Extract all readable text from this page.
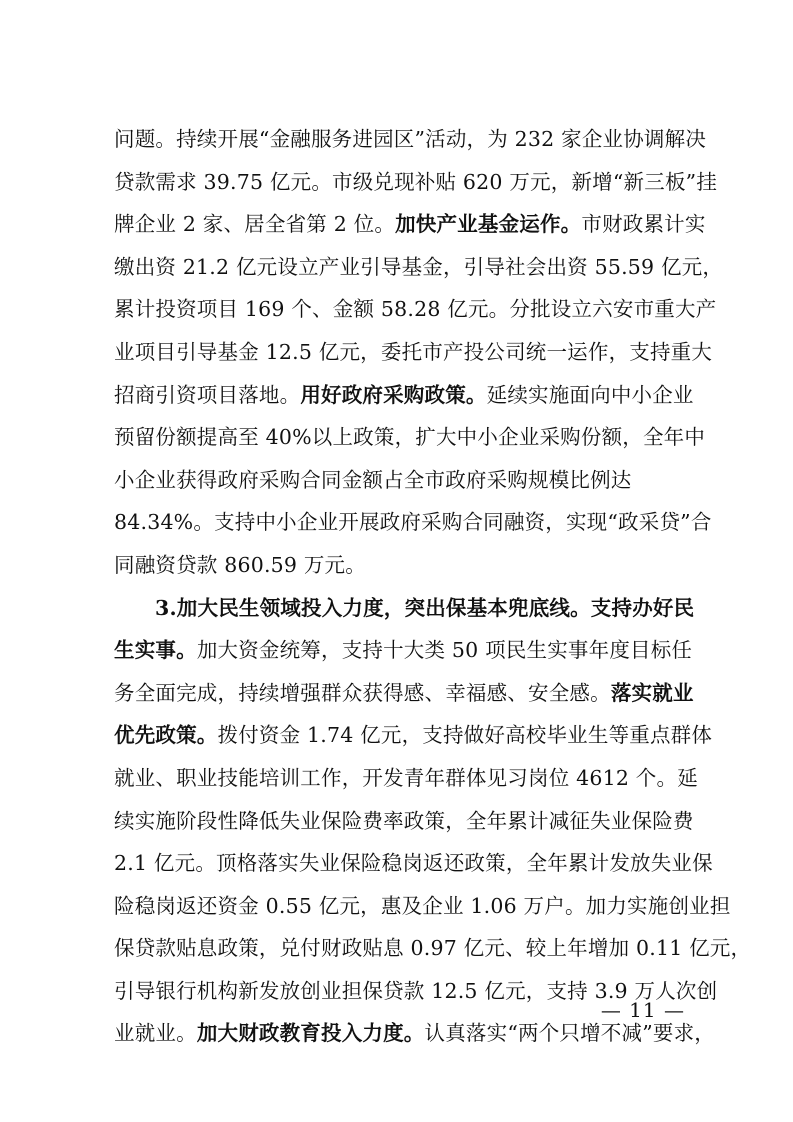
问题。持续开展“金融服务进园区”活动，为 232 家企业协调解决
贷款需求 39.75 亿元。市级兑现补贴 620 万元，新增“新三板”挂
牌企业 2 家、居全省第 2 位。加快产业基金运作。市财政累计实
缴出资 21.2 亿元设立产业引导基金，引导社会出资 55.59 亿元，
累计投资项目 169 个、金额 58.28 亿元。分批设立六安市重大产
业项目引导基金 12.5 亿元，委托市产投公司统一运作，支持重大
招商引资项目落地。用好政府采购政策。延续实施面向中小企业
预留份额提高至 40%以上政策，扩大中小企业采购份额，全年中
小企业获得政府采购合同金额占全市政府采购规模比例达
84.34%。支持中小企业开展政府采购合同融资，实现“政采贷”合
同融资贷款 860.59 万元。
3.加大民生领域投入力度，突出保基本兜底线。支持办好民
生实事。加大资金统筹，支持十大类 50 项民生实事年度目标任
务全面完成，持续增强群众获得感、幸福感、安全感。落实就业
优先政策。拨付资金 1.74 亿元，支持做好高校毕业生等重点群体
就业、职业技能培训工作，开发青年群体见习岗位 4612 个。延
续实施阶段性降低失业保险费率政策，全年累计减征失业保险费
2.1 亿元。顶格落实失业保险稳岗返还政策，全年累计发放失业保
险稳岗返还资金 0.55 亿元，惠及企业 1.06 万户。加力实施创业担
保贷款贴息政策，兑付财政贴息 0.97 亿元、较上年增加 0.11 亿元，
引导银行机构新发放创业担保贷款 12.5 亿元，支持 3.9 万人次创
业就业。加大财政教育投入力度。认真落实“两个只增不减”要求，
— 11 —
